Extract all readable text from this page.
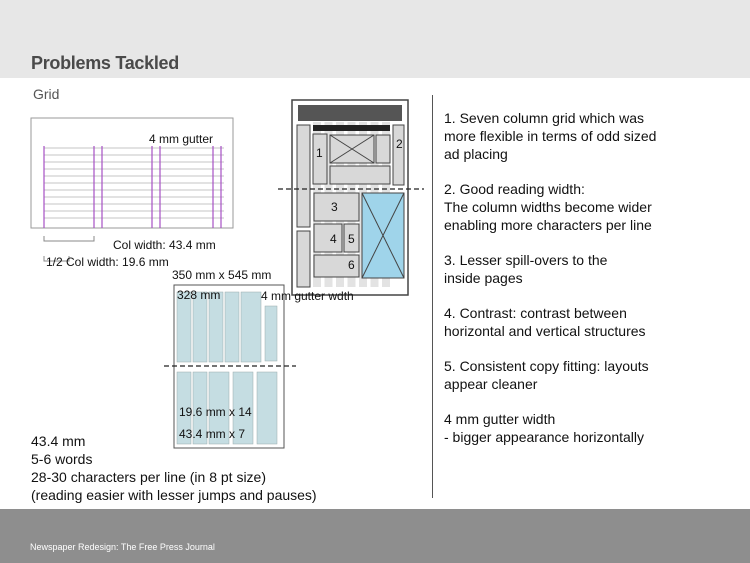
Problems Tackled
Grid
4 mm gutter
Col width: 43.4 mm
1/2 Col width: 19.6 mm
350 mm x 545 mm
328 mm	4 mm gutter wdth
19.6 mm x 14
43.4 mm x 7
1
2
3
4 5
6
1. Seven column grid which was
more flexible in terms of odd sized
ad placing
2. Good reading width:
The column widths become wider
enabling more characters per line
3. Lesser spill-overs to the
inside pages
4. Contrast: contrast between
horizontal and vertical structures
5. Consistent copy fitting: layouts
appear cleaner
4 mm gutter width
- bigger appearance horizontally
43.4 mm
5-6 words
28-30 characters per line (in 8 pt size)
(reading easier with lesser jumps and pauses)
Newspaper Redesign: The Free Press Journal
